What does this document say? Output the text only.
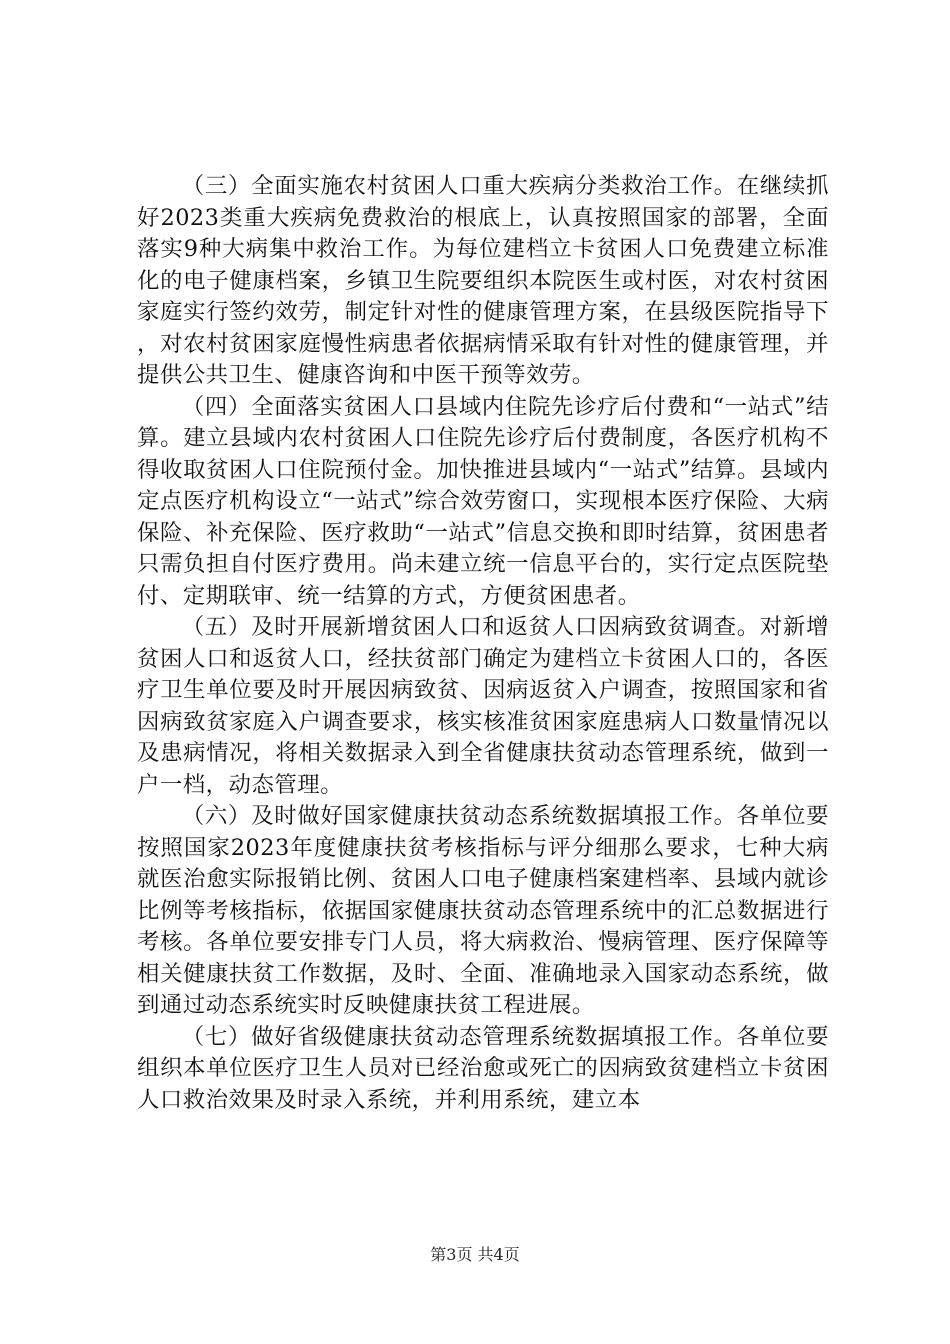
（三）全面实施农村贫困人口重大疾病分类救治工作。在继续抓好2023类重大疾病免费救治的根底上，认真按照国家的部署，全面落实9种大病集中救治工作。为每位建档立卡贫困人口免费建立标准化的电子健康档案，乡镇卫生院要组织本院医生或村医，对农村贫困家庭实行签约效劳，制定针对性的健康管理方案，在县级医院指导下，对农村贫困家庭慢性病患者依据病情采取有针对性的健康管理，并提供公共卫生、健康咨询和中医干预等效劳。

（四）全面落实贫困人口县域内住院先诊疗后付费和“一站式”结算。建立县域内农村贫困人口住院先诊疗后付费制度，各医疗机构不得收取贫困人口住院预付金。加快推进县域内“一站式”结算。县域内定点医疗机构设立“一站式”综合效劳窗口，实现根本医疗保险、大病保险、补充保险、医疗救助“一站式”信息交换和即时结算，贫困患者只需负担自付医疗费用。尚未建立统一信息平台的，实行定点医院垫付、定期联审、统一结算的方式，方便贫困患者。

（五）及时开展新增贫困人口和返贫人口因病致贫调查。对新增贫困人口和返贫人口，经扶贫部门确定为建档立卡贫困人口的，各医疗卫生单位要及时开展因病致贫、因病返贫入户调查，按照国家和省因病致贫家庭入户调查要求，核实核准贫困家庭患病人口数量情况以及患病情况，将相关数据录入到全省健康扶贫动态管理系统，做到一户一档，动态管理。

（六）及时做好国家健康扶贫动态系统数据填报工作。各单位要按照国家2023年度健康扶贫考核指标与评分细那么要求，七种大病就医治愈实际报销比例、贫困人口电子健康档案建档率、县域内就诊比例等考核指标，依据国家健康扶贫动态管理系统中的汇总数据进行考核。各单位要安排专门人员，将大病救治、慢病管理、医疗保障等相关健康扶贫工作数据，及时、全面、准确地录入国家动态系统，做到通过动态系统实时反映健康扶贫工程进展。

（七）做好省级健康扶贫动态管理系统数据填报工作。各单位要组织本单位医疗卫生人员对已经治愈或死亡的因病致贫建档立卡贫困人口救治效果及时录入系统，并利用系统，建立本

第3页 共4页
